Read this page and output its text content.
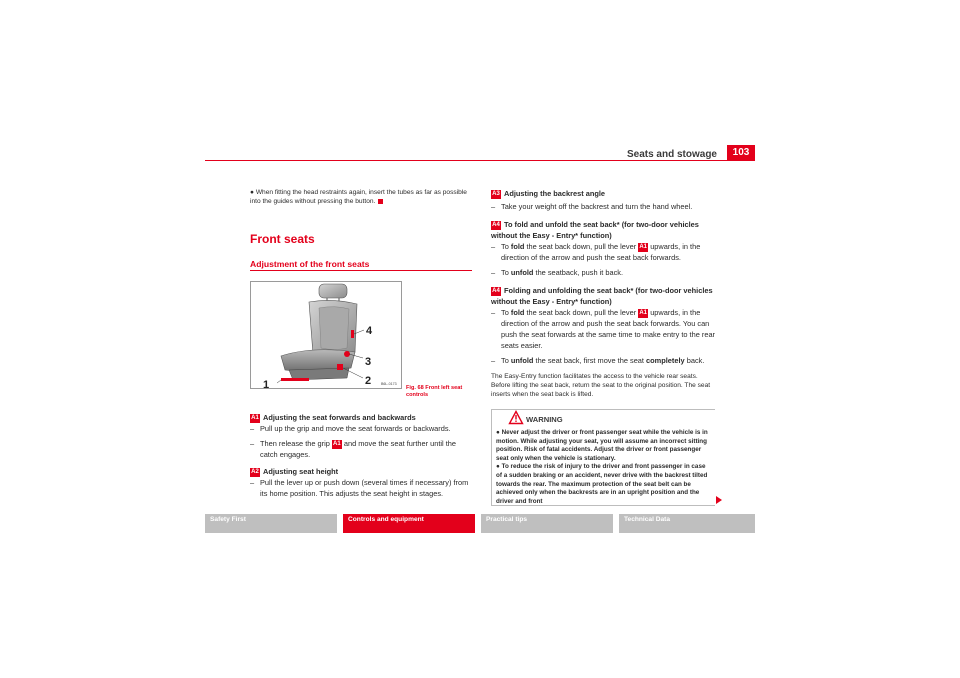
Seats and stowage	103
● When fitting the head restraints again, insert the tubes as far as possible into the guides without pressing the button.
Front seats
Adjustment of the front seats
1	2
3
4
B6L-0173
Fig. 68 Front left seat controls
A1 Adjusting the seat forwards and backwards
– Pull up the grip and move the seat forwards or backwards.
– Then release the grip A1 and move the seat further until the catch engages.
A2 Adjusting seat height
– Pull the lever up or push down (several times if necessary) from its home position. This adjusts the seat height in stages.
A3 Adjusting the backrest angle
– Take your weight off the backrest and turn the hand wheel.
A4 To fold and unfold the seat back* (for two-door vehicles without the Easy - Entry* function)
– To fold the seat back down, pull the lever A1 upwards, in the direction of the arrow and push the seat back forwards.
– To unfold the seatback, push it back.
A4 Folding and unfolding the seat back* (for two-door vehicles without the Easy - Entry* function)
– To fold the seat back down, pull the lever A1 upwards, in the direction of the arrow and push the seat back forwards. You can push the seat forwards at the same time to make entry to the rear seats easier.
– To unfold the seat back, first move the seat completely back.
The Easy-Entry function facilitates the access to the vehicle rear seats. Before lifting the seat back, return the seat to the original position. The seat inserts when the seat back is lifted.
WARNING
● Never adjust the driver or front passenger seat while the vehicle is in motion. While adjusting your seat, you will assume an incorrect sitting position. Risk of fatal accidents. Adjust the driver or front passenger seat only when the vehicle is stationary.
● To reduce the risk of injury to the driver and front passenger in case of a sudden braking or an accident, never drive with the backrest tilted towards the rear. The maximum protection of the seat belt can be achieved only when the backrests are in an upright position and the driver and front
Safety First	Controls and equipment	Practical tips	Technical Data
